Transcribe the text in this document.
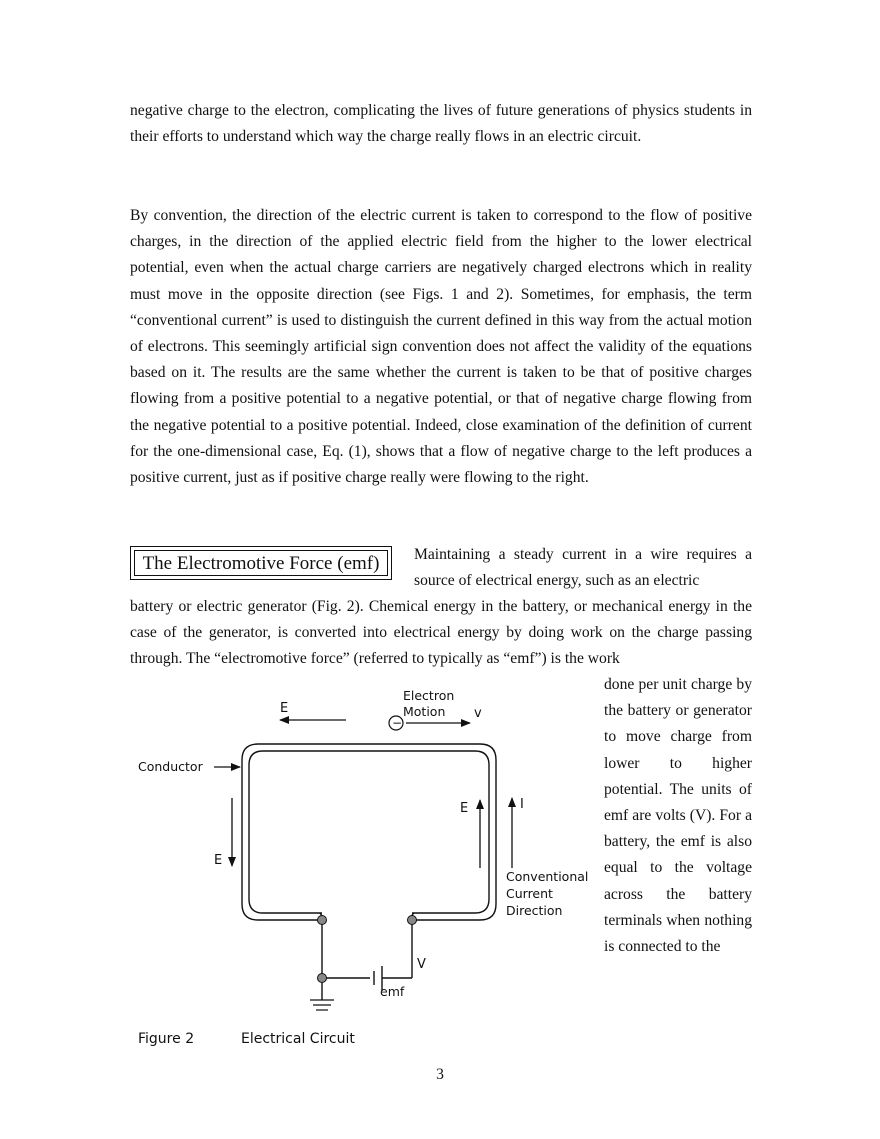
negative charge to the electron, complicating the lives of future generations of physics students in their efforts to understand which way the charge really flows in an electric circuit.

By convention, the direction of the electric current is taken to correspond to the flow of positive charges, in the direction of the applied electric field from the higher to the lower electrical potential, even when the actual charge carriers are negatively charged electrons which in reality must move in the opposite direction (see Figs. 1 and 2). Sometimes, for emphasis, the term “conventional current” is used to distinguish the current defined in this way from the actual motion of electrons. This seemingly artificial sign convention does not affect the validity of the equations based on it. The results are the same whether the current is taken to be that of positive charges flowing from a positive potential to a negative potential, or that of negative charge flowing from the negative potential to a positive potential. Indeed, close examination of the definition of current for the one-dimensional case, Eq. (1), shows that a flow of negative charge to the left produces a positive current, just as if positive charge really were flowing to the right.

The Electromotive Force (emf)	Maintaining a steady current in a wire requires a source of electrical energy, such as an electric

battery or electric generator (Fig. 2). Chemical energy in the battery, or mechanical energy in the case of the generator, is converted into electrical energy by doing work on the charge passing through. The “electromotive force” (referred to typically as “emf”) is the work

done per unit charge by the battery or generator to move charge from lower to higher potential. The units of emf are volts (V). For a battery, the emf is also equal to the voltage across the battery terminals when nothing is connected to the

E
Electron
Motion
−
v
Conductor
E	I
Conventional
Current
Direction
E
V
emf
Figure 2	Electrical Circuit
3
